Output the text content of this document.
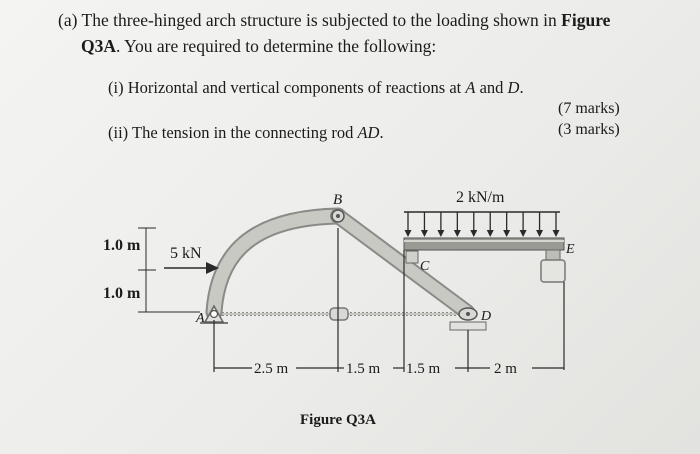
(a) The three-hinged arch structure is subjected to the loading shown in Figure
Q3A. You are required to determine the following:
(i) Horizontal and vertical components of reactions at A and D.
(7 marks)
(ii) The tension in the connecting rod AD.	(3 marks)
B
A
C
D
E
2 kN/m
5 kN
1.0 m
1.0 m
2.5 m	1.5 m 1.5 m	2 m
Figure Q3A
